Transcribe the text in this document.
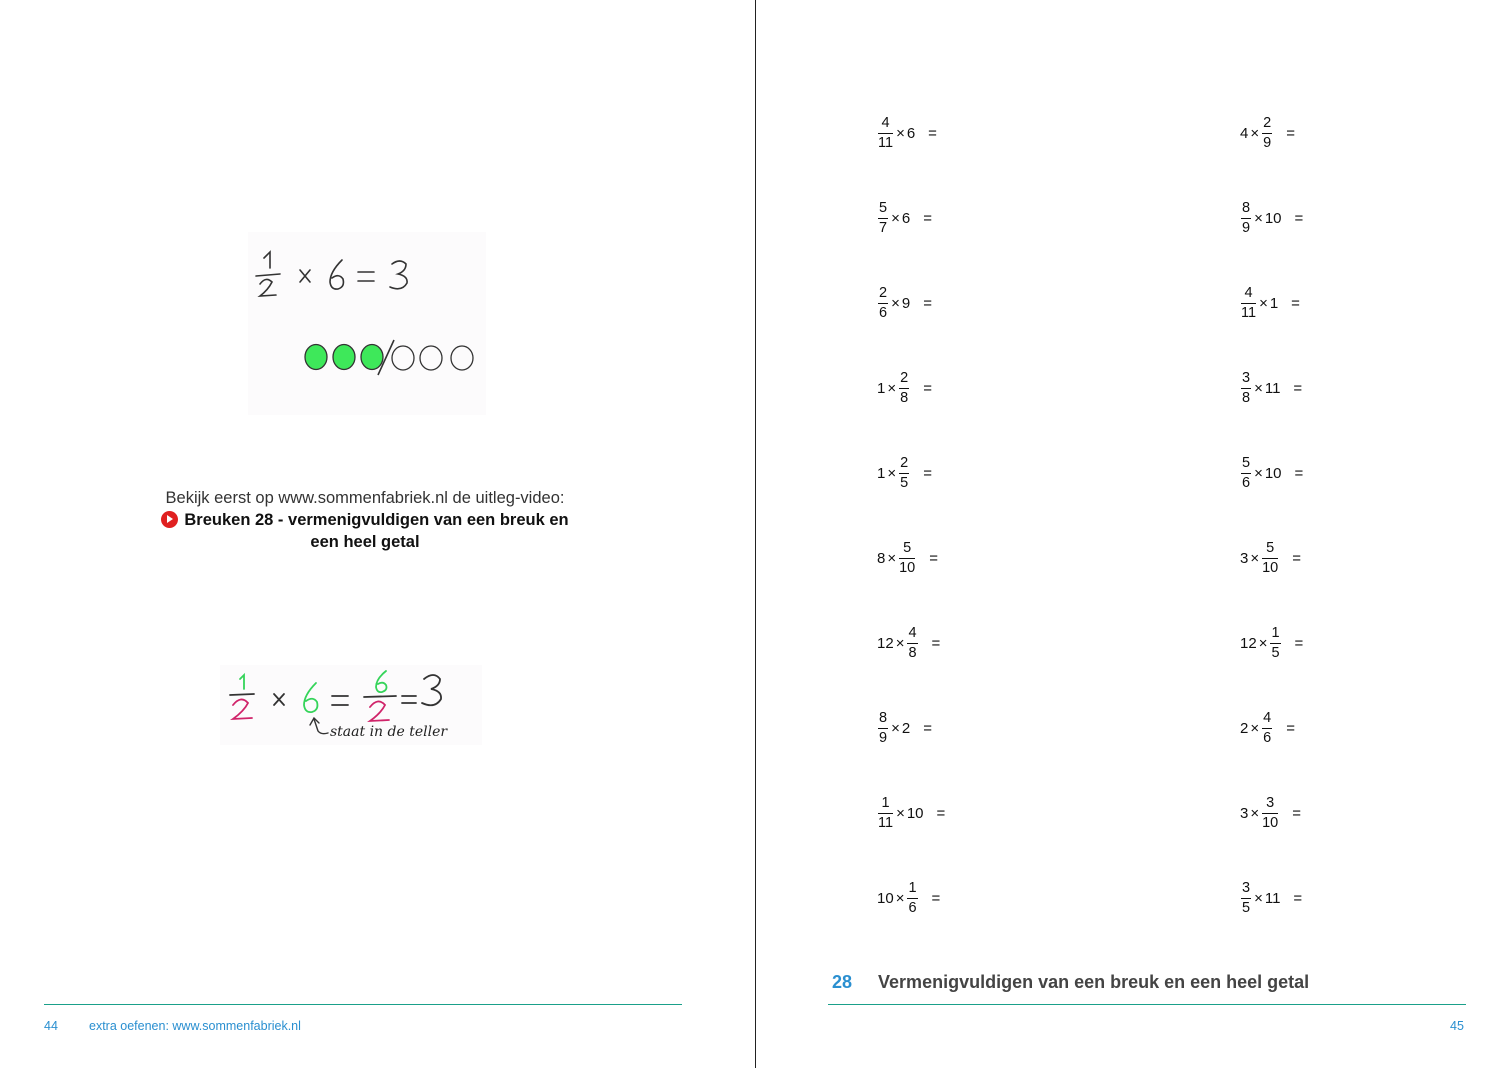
Bekijk eerst op www.sommenfabriek.nl de uitleg-video:
Breuken 28 - vermenigvuldigen van een breuk en
een heel getal
staat in de teller
44 extra oefenen: www.sommenfabriek.nl
$\frac{4}{11} \times 6$ =
$\frac{5}{7} \times 6$ =
$\frac{2}{6} \times 9$ =
$1 \times \frac{2}{8}$ =
$1 \times \frac{2}{5}$ =
$8 \times \frac{5}{10}$ =
$12 \times \frac{4}{8}$ =
$\frac{8}{9} \times 2$ =
$\frac{1}{11} \times 10$ =
$10 \times \frac{1}{6}$ =
$4 \times \frac{2}{9}$ =
$\frac{8}{9} \times 10$ =
$\frac{4}{11} \times 1$ =
$\frac{3}{8} \times 11$ =
$\frac{5}{6} \times 10$ =
$3 \times \frac{5}{10}$ =
$12 \times \frac{1}{5}$ =
$2 \times \frac{4}{6}$ =
$3 \times \frac{3}{10}$ =
$\frac{3}{5} \times 11$ =
28 Vermenigvuldigen van een breuk en een heel getal
45
